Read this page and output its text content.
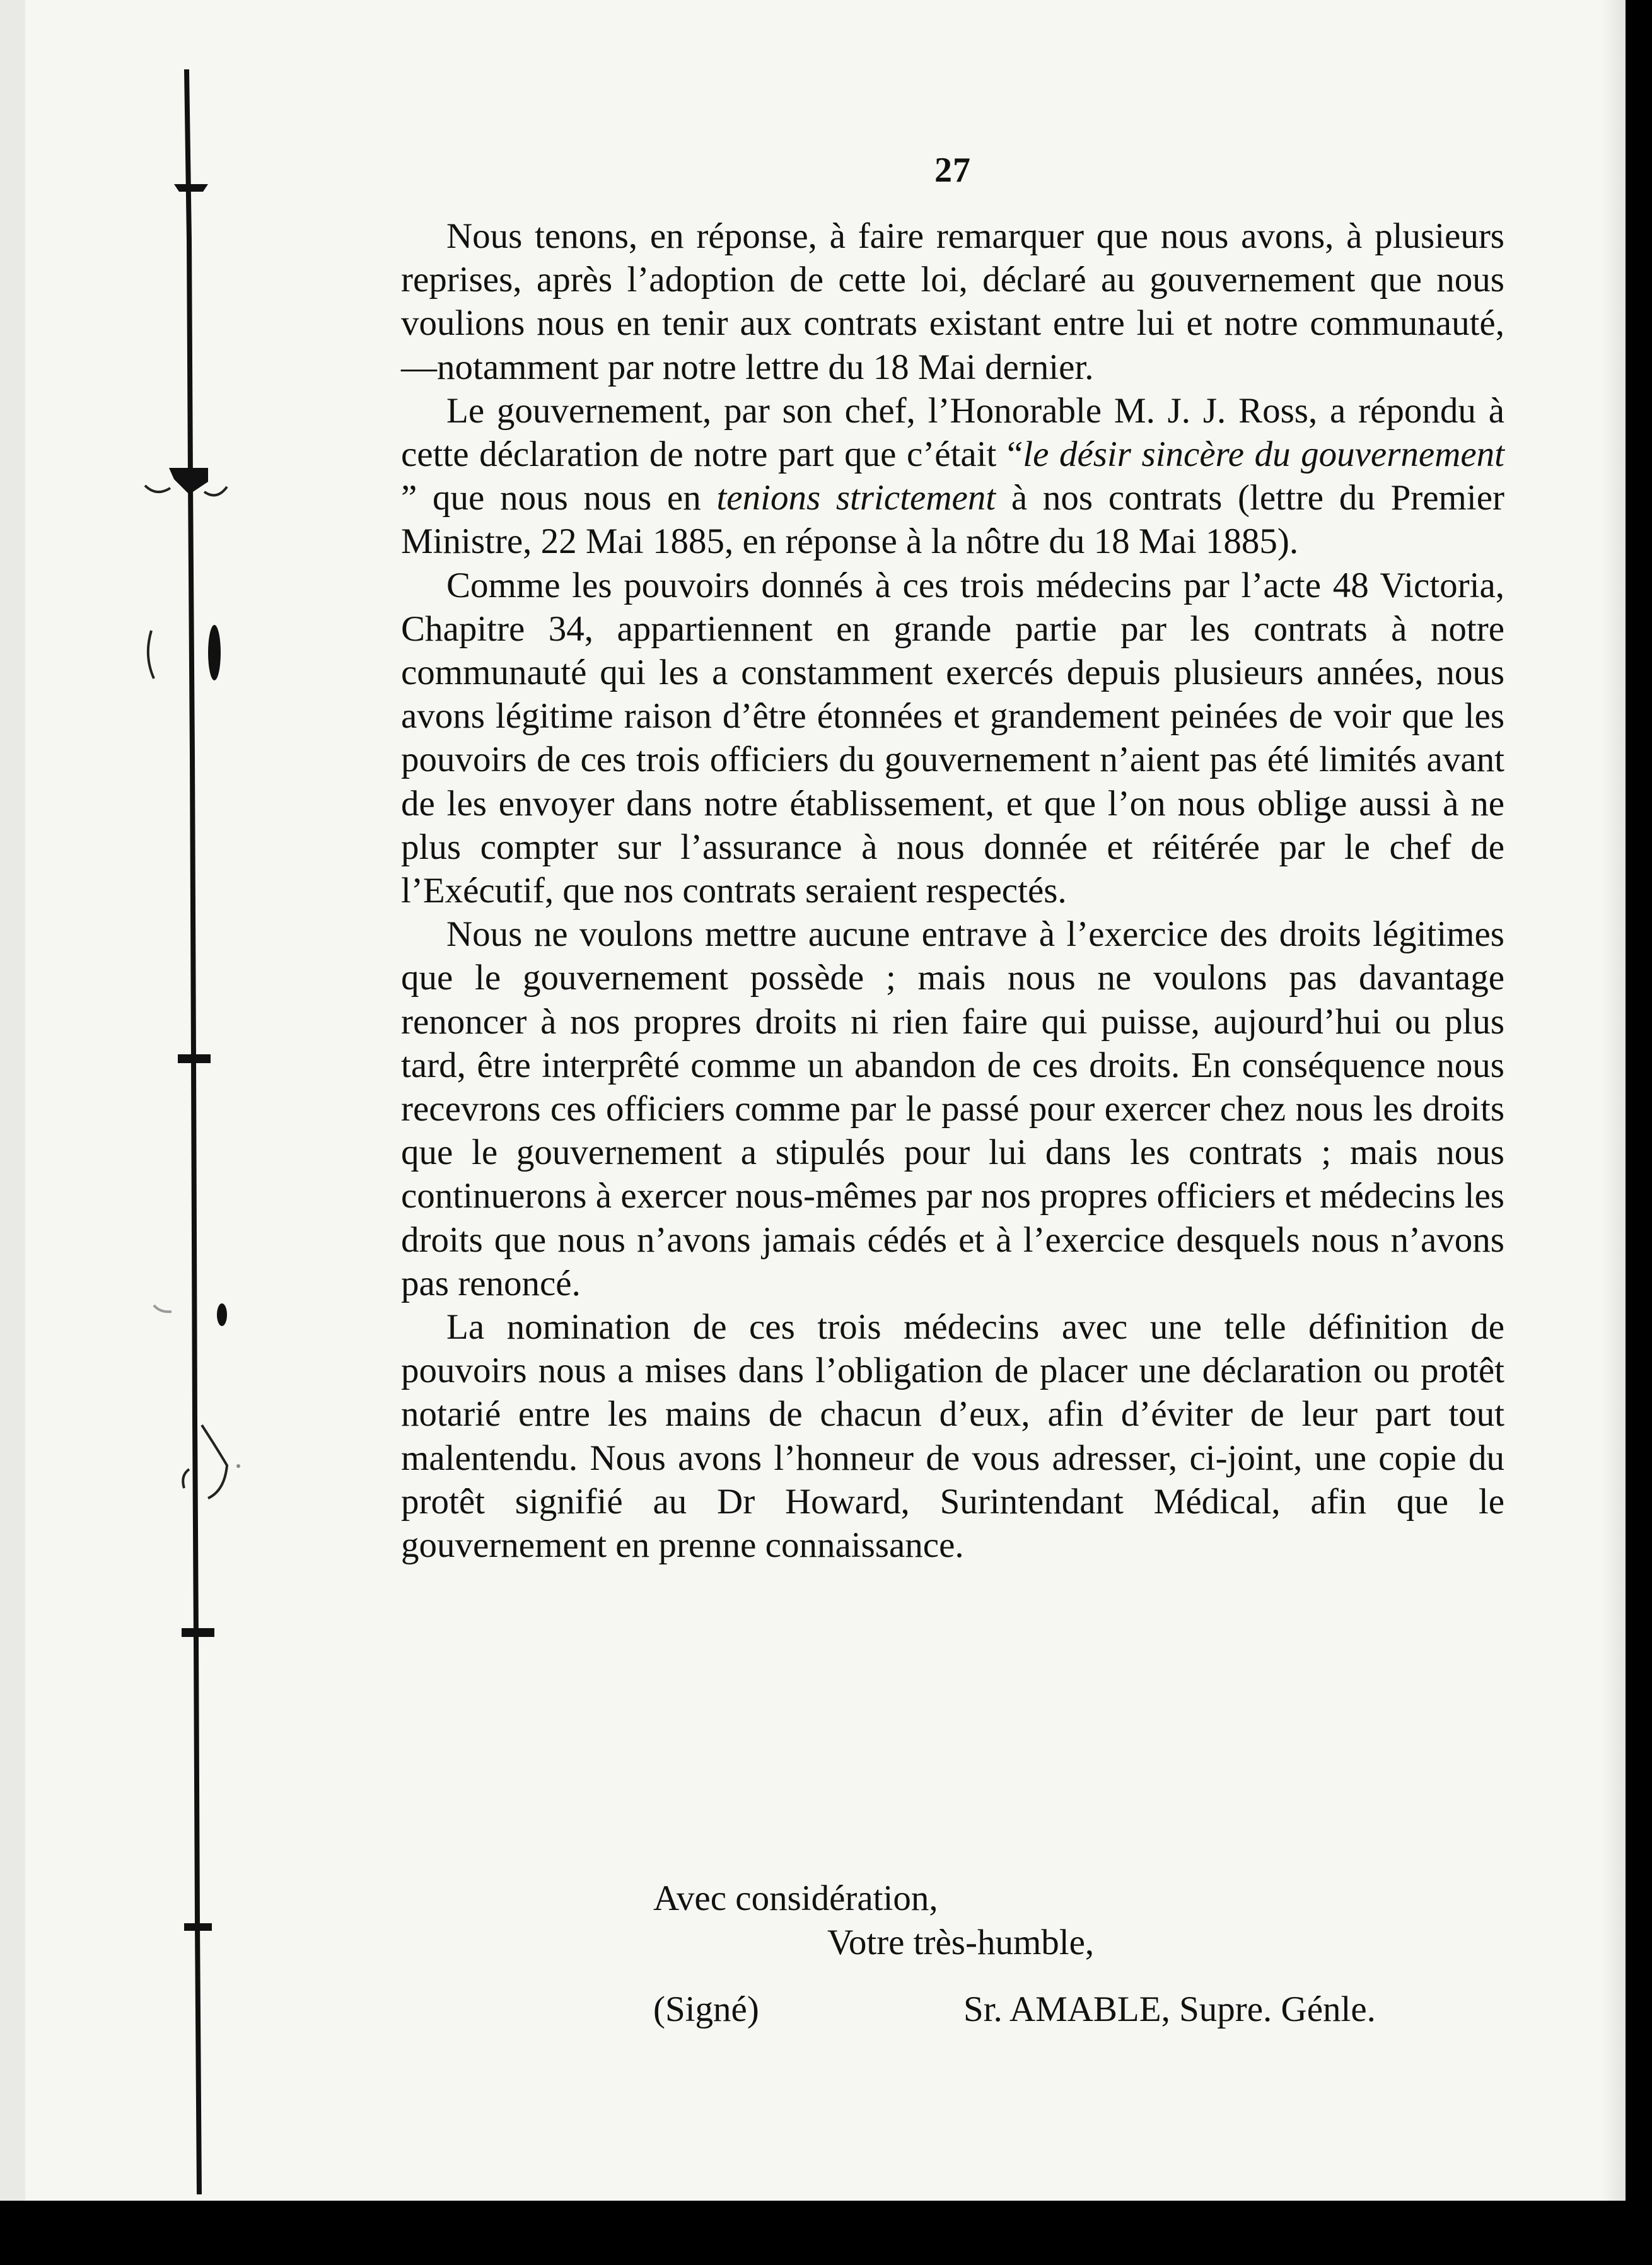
27

Nous tenons, en réponse, à faire remarquer que nous avons, à plusieurs reprises, après l’adoption de cette loi, déclaré au gouvernement que nous voulions nous en tenir aux contrats existant entre lui et notre communauté,—notamment par notre lettre du 18 Mai dernier.

Le gouvernement, par son chef, l’Honorable M. J. J. Ross, a répondu à cette déclaration de notre part que c’était “le désir sincère du gouvernement ” que nous nous en tenions strictement à nos contrats (lettre du Premier Ministre, 22 Mai 1885, en réponse à la nôtre du 18 Mai 1885).

Comme les pouvoirs donnés à ces trois médecins par l’acte 48 Victoria, Chapitre 34, appartiennent en grande partie par les contrats à notre communauté qui les a constamment exercés depuis plusieurs années, nous avons légitime raison d’être étonnées et grandement peinées de voir que les pouvoirs de ces trois officiers du gouvernement n’aient pas été limités avant de les envoyer dans notre établissement, et que l’on nous oblige aussi à ne plus compter sur l’assurance à nous donnée et réitérée par le chef de l’Exécutif, que nos contrats seraient respectés.

Nous ne voulons mettre aucune entrave à l’exercice des droits légitimes que le gouvernement possède ; mais nous ne voulons pas davantage renoncer à nos propres droits ni rien faire qui puisse, aujourd’hui ou plus tard, être interprêté comme un abandon de ces droits. En conséquence nous recevrons ces officiers comme par le passé pour exercer chez nous les droits que le gouvernement a stipulés pour lui dans les contrats ; mais nous continuerons à exercer nous-mêmes par nos propres officiers et médecins les droits que nous n’avons jamais cédés et à l’exercice desquels nous n’avons pas renoncé.

La nomination de ces trois médecins avec une telle définition de pouvoirs nous a mises dans l’obligation de placer une déclaration ou protêt notarié entre les mains de chacun d’eux, afin d’éviter de leur part tout malentendu. Nous avons l’honneur de vous adresser, ci-joint, une copie du protêt signifié au Dr Howard, Surintendant Médical, afin que le gouvernement en prenne connaissance.

Avec considération,
Votre très-humble,
(Signé)	Sr. AMABLE, Supre. Génle.
